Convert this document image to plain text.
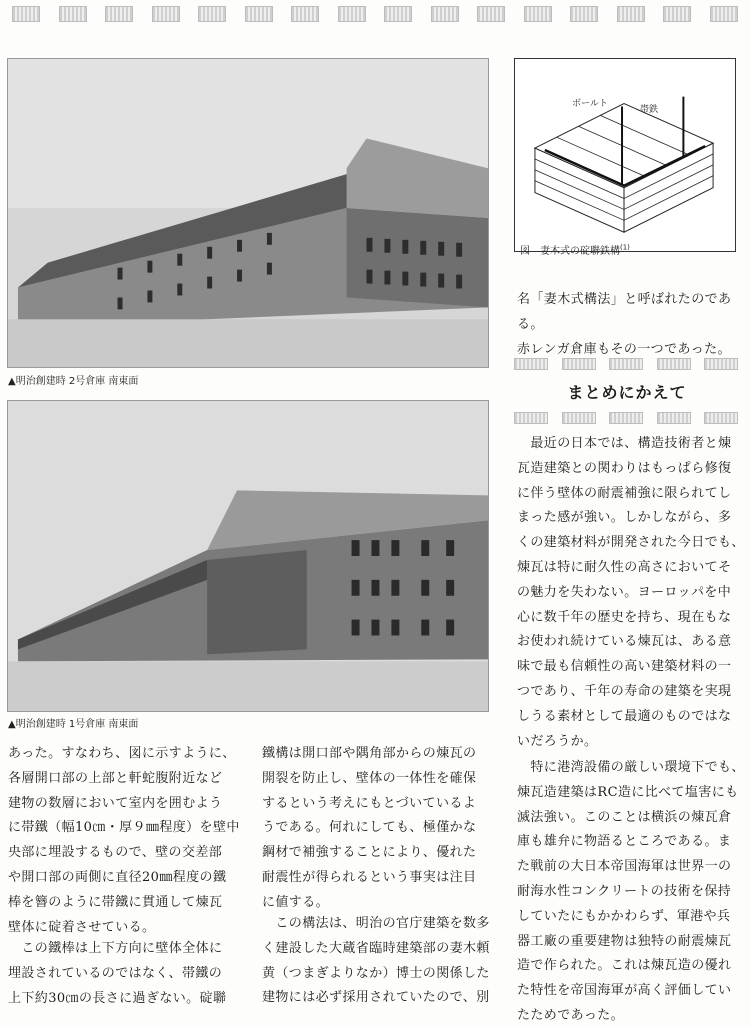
▲明治創建時 2号倉庫 南東面
▲明治創建時 1号倉庫 南東面
ボールト
帯鉄
図　妻木式の碇聯鉄構$^{(1)}$

名「妻木式構法」と呼ばれたのである。
赤レンガ倉庫もその一つであった。

まとめにかえて

　最近の日本では、構造技術者と煉
瓦造建築との関わりはもっぱら修復
に伴う壁体の耐震補強に限られてし
まった感が強い。しかしながら、多
くの建築材料が開発された今日でも、
煉瓦は特に耐久性の高さにおいてそ
の魅力を失わない。ヨーロッパを中
心に数千年の歴史を持ち、現在もな
お使われ続けている煉瓦は、ある意
味で最も信頼性の高い建築材料の一
つであり、千年の寿命の建築を実現
しうる素材として最適のものではな
いだろうか。

　特に港湾設備の厳しい環境下でも、
煉瓦造建築はRC造に比べて塩害にも
滅法強い。このことは横浜の煉瓦倉
庫も雄弁に物語るところである。ま
た戦前の大日本帝国海軍は世界一の
耐海水性コンクリートの技術を保持
していたにもかかわらず、軍港や兵
器工廠の重要建物は独特の耐震煉瓦
造で作られた。これは煉瓦造の優れ
た特性を帝国海軍が高く評価してい
たためであった。

あった。すなわち、図に示すように、
各層開口部の上部と軒蛇腹附近など
建物の数層において室内を囲むよう
に帯鐵（幅10㎝・厚９㎜程度）を壁中
央部に埋設するもので、壁の交差部
や開口部の両側に直径20㎜程度の鐵
棒を簪のように帯鐵に貫通して煉瓦
壁体に碇着させている。

　この鐵棒は上下方向に壁体全体に
埋設されているのではなく、帯鐵の
上下約30㎝の長さに過ぎない。碇聯

鐵構は開口部や隅角部からの煉瓦の
開裂を防止し、壁体の一体性を確保
するという考えにもとづいているよ
うである。何れにしても、極僅かな
鋼材で補強することにより、優れた
耐震性が得られるという事実は注目
に値する。

　この構法は、明治の官庁建築を数多
く建設した大蔵省臨時建築部の妻木頼
黄（つまぎよりなか）博士の関係した
建物には必ず採用されていたので、別
